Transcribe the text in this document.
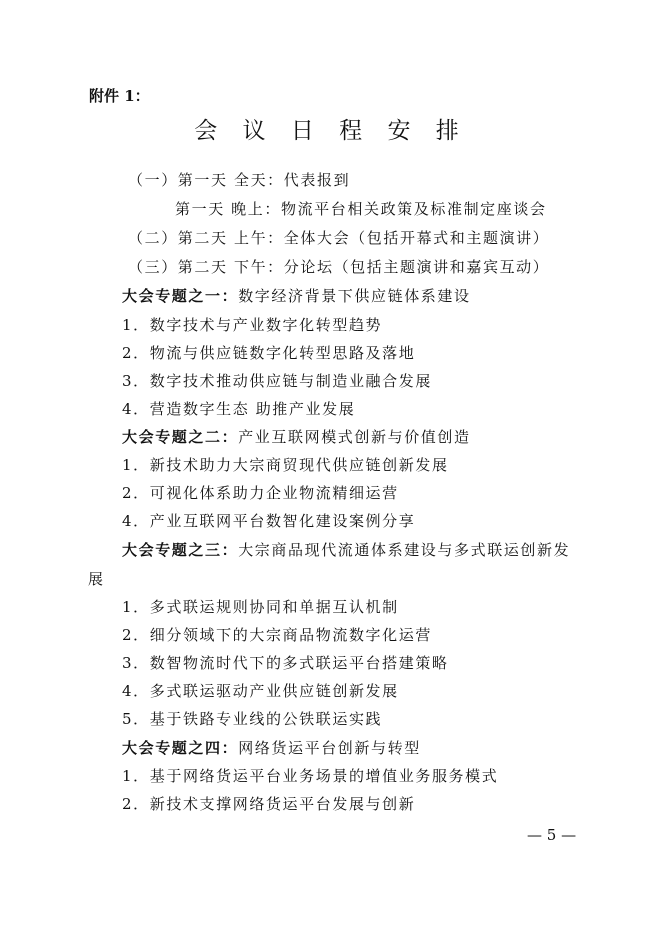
附件 1：
会 议 日 程 安 排
（一）第一天 全天：代表报到
第一天 晚上：物流平台相关政策及标准制定座谈会
（二）第二天 上午：全体大会（包括开幕式和主题演讲）
（三）第二天 下午：分论坛（包括主题演讲和嘉宾互动）
大会专题之一：数字经济背景下供应链体系建设
1．数字技术与产业数字化转型趋势
2．物流与供应链数字化转型思路及落地
3．数字技术推动供应链与制造业融合发展
4．营造数字生态 助推产业发展
大会专题之二：产业互联网模式创新与价值创造
1．新技术助力大宗商贸现代供应链创新发展
2．可视化体系助力企业物流精细运营
4．产业互联网平台数智化建设案例分享
大会专题之三：大宗商品现代流通体系建设与多式联运创新发
展
1．多式联运规则协同和单据互认机制
2．细分领域下的大宗商品物流数字化运营
3．数智物流时代下的多式联运平台搭建策略
4．多式联运驱动产业供应链创新发展
5．基于铁路专业线的公铁联运实践
大会专题之四：网络货运平台创新与转型
1．基于网络货运平台业务场景的增值业务服务模式
2．新技术支撑网络货运平台发展与创新
— 5 —
